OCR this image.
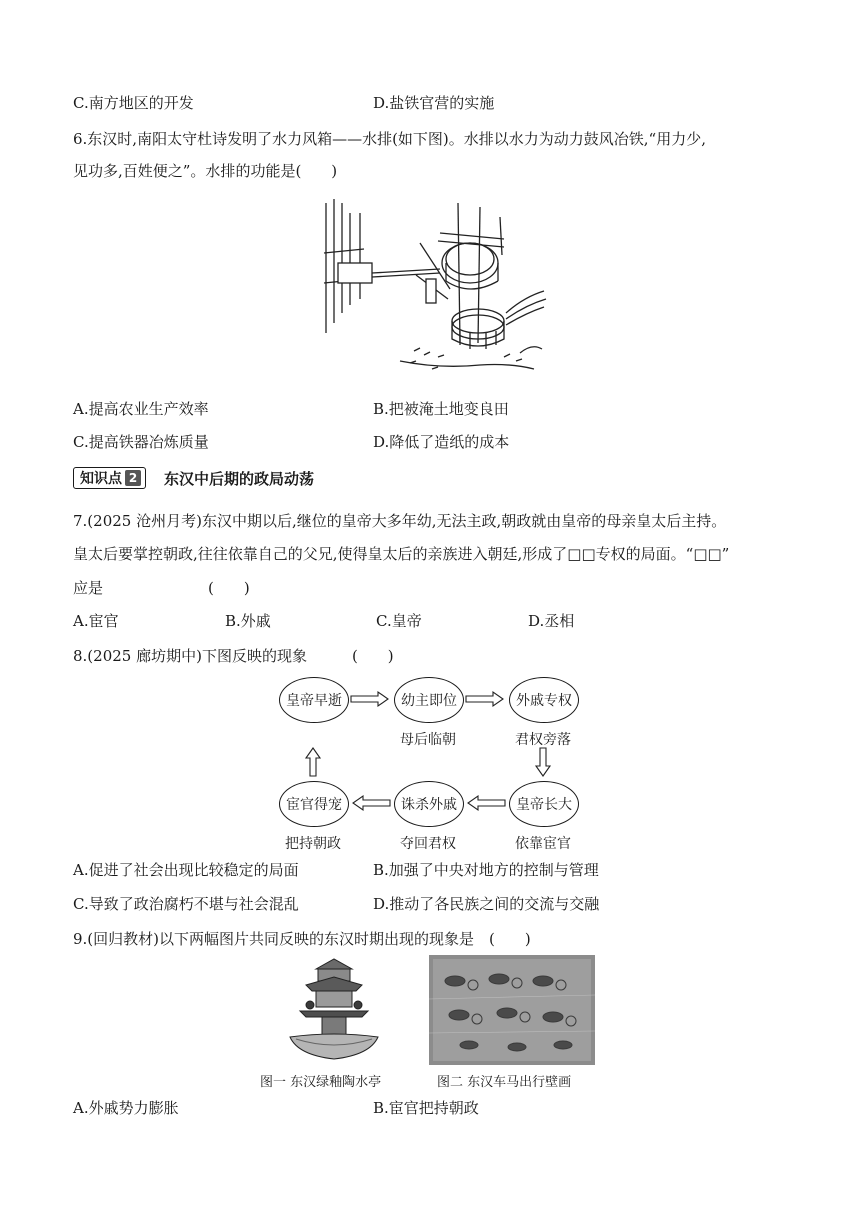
C.南方地区的开发	D.盐铁官营的实施
6.东汉时,南阳太守杜诗发明了水力风箱——水排(如下图)。水排以水力为动力鼓风冶铁,“用力少,
见功多,百姓便之”。水排的功能是(　　)
A.提高农业生产效率	B.把被淹土地变良田
C.提高铁器冶炼质量	D.降低了造纸的成本
知识点 2 东汉中后期的政局动荡
7.(2025 沧州月考)东汉中期以后,继位的皇帝大多年幼,无法主政,朝政就由皇帝的母亲皇太后主持。
皇太后要掌控朝政,往往依靠自己的父兄,使得皇太后的亲族进入朝廷,形成了□□专权的局面。“□□”
应是　　　　　　　(　　)
A.宦官	B.外戚	C.皇帝	D.丞相
8.(2025 廊坊期中)下图反映的现象　　　(　　)
皇帝早逝	幼主即位	外戚专权
皇帝长大
诛杀外戚
宦官得宠
母后临朝	君权旁落
依靠宦官
夺回君权
把持朝政
A.促进了社会出现比较稳定的局面	B.加强了中央对地方的控制与管理
C.导致了政治腐朽不堪与社会混乱	D.推动了各民族之间的交流与交融
9.(回归教材)以下两幅图片共同反映的东汉时期出现的现象是　(　　)
图一 东汉绿釉陶水亭	图二 东汉车马出行壁画
A.外戚势力膨胀	B.宦官把持朝政
